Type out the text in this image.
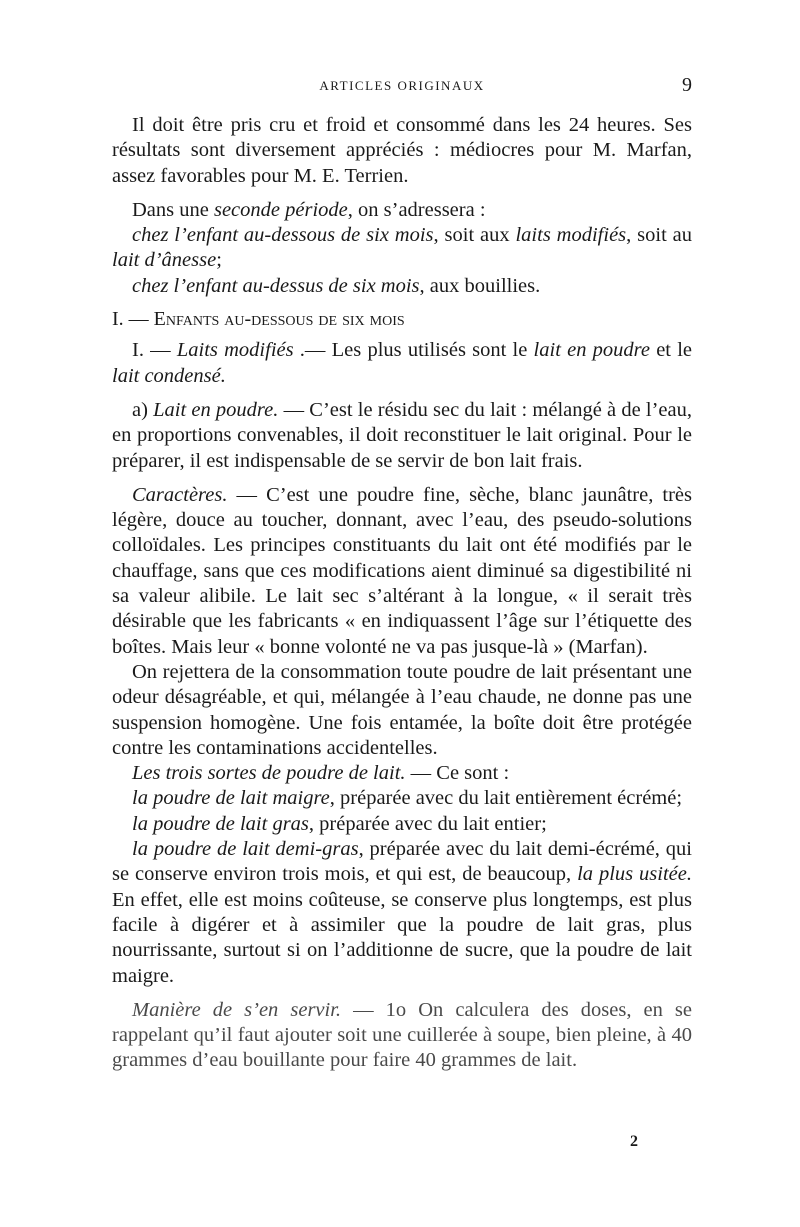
ARTICLES ORIGINAUX	9

Il doit être pris cru et froid et consommé dans les 24 heures. Ses résultats sont diversement appréciés : médiocres pour M. Marfan, assez favorables pour M. E. Terrien.

Dans une seconde période, on s’adressera :

chez l’enfant au-dessous de six mois, soit aux laits modifiés, soit au lait d’ânesse;

chez l’enfant au-dessus de six mois, aux bouillies.

I. — Enfants au-dessous de six mois

I. — Laits modifiés .— Les plus utilisés sont le lait en poudre et le lait condensé.

a) Lait en poudre. — C’est le résidu sec du lait : mélangé à de l’eau, en proportions convenables, il doit reconstituer le lait original. Pour le préparer, il est indispensable de se servir de bon lait frais.

Caractères. — C’est une poudre fine, sèche, blanc jaunâtre, très légère, douce au toucher, donnant, avec l’eau, des pseudo-solutions colloïdales. Les principes constituants du lait ont été modifiés par le chauffage, sans que ces modifications aient diminué sa digestibilité ni sa valeur alibile. Le lait sec s’altérant à la longue, « il serait très désirable que les fabricants « en indiquassent l’âge sur l’étiquette des boîtes. Mais leur « bonne volonté ne va pas jusque-là » (Marfan).

On rejettera de la consommation toute poudre de lait présentant une odeur désagréable, et qui, mélangée à l’eau chaude, ne donne pas une suspension homogène. Une fois entamée, la boîte doit être protégée contre les contaminations accidentelles.

Les trois sortes de poudre de lait. — Ce sont :

la poudre de lait maigre, préparée avec du lait entièrement écrémé;

la poudre de lait gras, préparée avec du lait entier;

la poudre de lait demi-gras, préparée avec du lait demi-écrémé, qui se conserve environ trois mois, et qui est, de beaucoup, la plus usitée. En effet, elle est moins coûteuse, se conserve plus longtemps, est plus facile à digérer et à assimiler que la poudre de lait gras, plus nourrissante, surtout si on l’additionne de sucre, que la poudre de lait maigre.

Manière de s’en servir. — 1o On calculera des doses, en se rappelant qu’il faut ajouter soit une cuillerée à soupe, bien pleine, à 40 grammes d’eau bouillante pour faire 40 grammes de lait.

2
